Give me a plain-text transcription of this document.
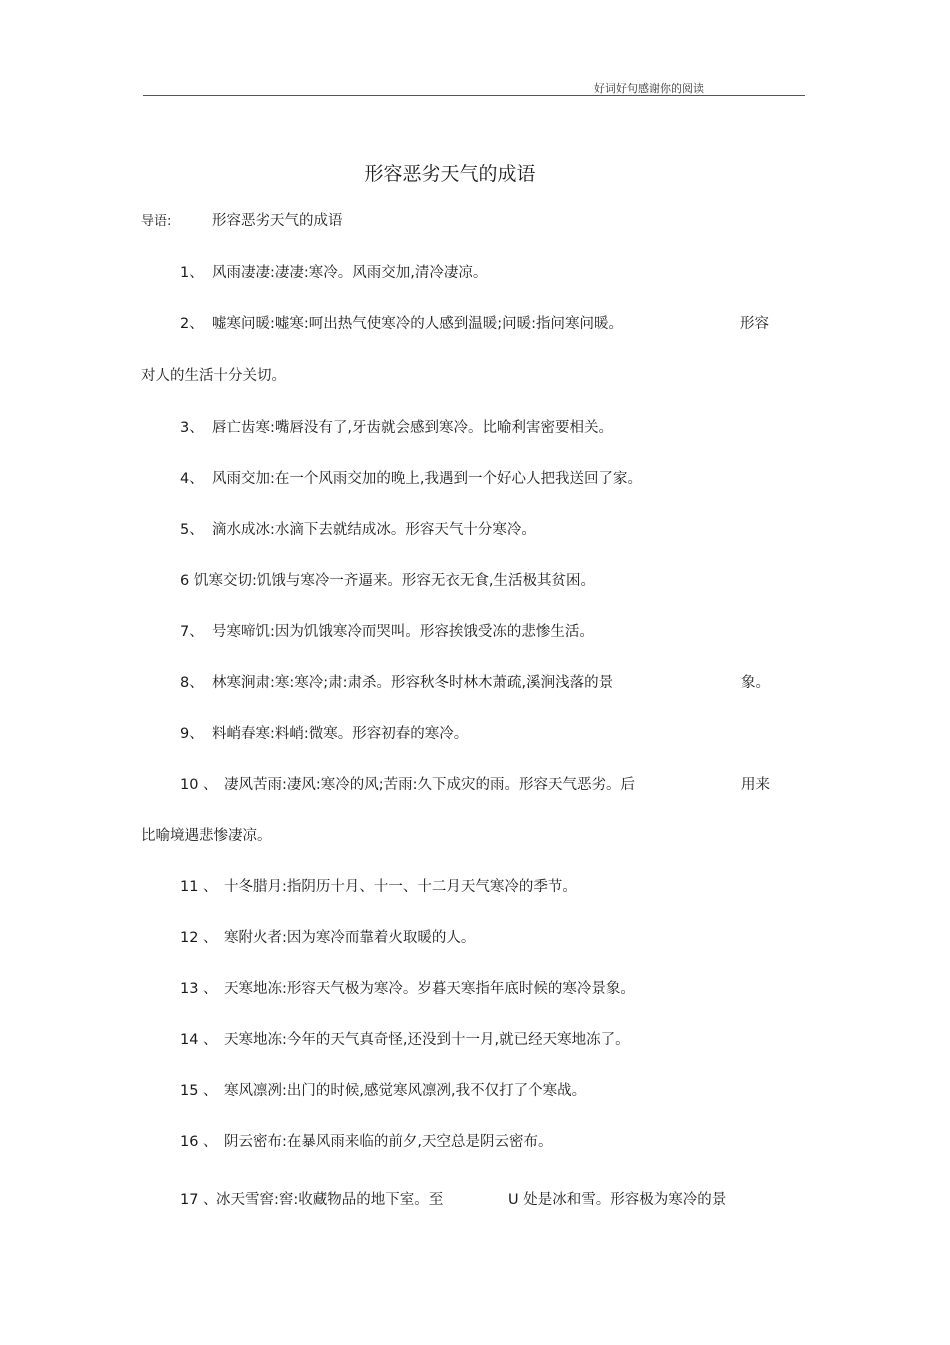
好词好句感谢你的阅读
形容恶劣天气的成语
导语:	形容恶劣天气的成语
1、 风雨凄凄:凄凄:寒冷。风雨交加,清冷凄凉。
2、 嘘寒问暖:嘘寒:呵出热气使寒冷的人感到温暖;问暖:指问寒问暖。	形容
对人的生活十分关切。
3、 唇亡齿寒:嘴唇没有了,牙齿就会感到寒冷。比喻利害密要相关。
4、 风雨交加:在一个风雨交加的晚上,我遇到一个好心人把我送回了家。
5、 滴水成冰:水滴下去就结成冰。形容天气十分寒冷。
6 饥寒交切:饥饿与寒冷一齐逼来。形容无衣无食,生活极其贫困。
7、 号寒啼饥:因为饥饿寒冷而哭叫。形容挨饿受冻的悲惨生活。
8、 林寒涧肃:寒:寒冷;肃:肃杀。形容秋冬时林木萧疏,溪涧浅落的景	象。
9、 料峭春寒:料峭:微寒。形容初春的寒冷。
10 、 凄风苦雨:凄风:寒冷的风;苦雨:久下成灾的雨。形容天气恶劣。后	用来
比喻境遇悲惨凄凉。
11 、 十冬腊月:指阴历十月、十一、十二月天气寒冷的季节。
12 、 寒附火者:因为寒冷而靠着火取暖的人。
13 、 天寒地冻:形容天气极为寒冷。岁暮天寒指年底时候的寒冷景象。
14 、 天寒地冻:今年的天气真奇怪,还没到十一月,就已经天寒地冻了。
15 、 寒风凛冽:出门的时候,感觉寒风凛冽,我不仅打了个寒战。
16 、 阴云密布:在暴风雨来临的前夕,天空总是阴云密布。
17 、冰天雪窖:窖:收藏物品的地下室。至	U 处是冰和雪。形容极为寒冷的景
